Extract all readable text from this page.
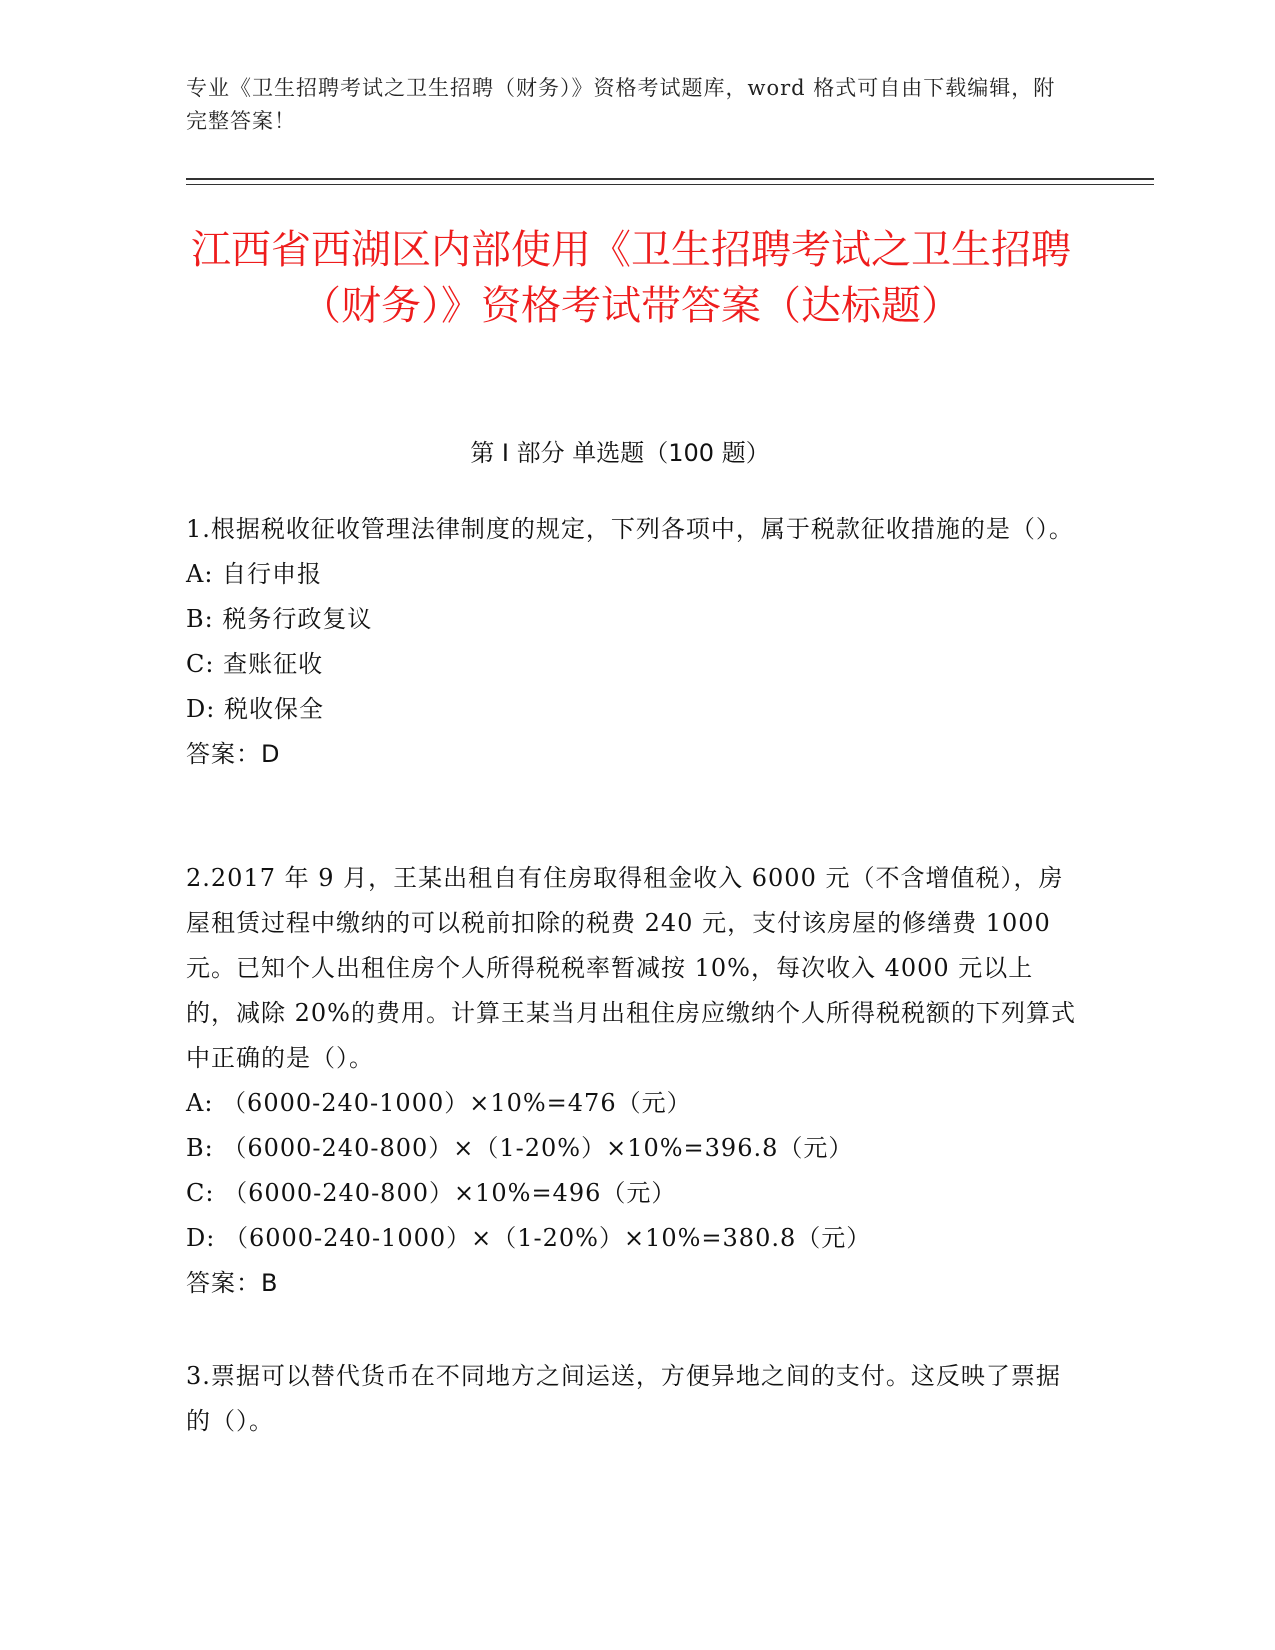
专业《卫生招聘考试之卫生招聘（财务）》资格考试题库，word 格式可自由下载编辑，附完整答案！
江西省西湖区内部使用《卫生招聘考试之卫生招聘（财务）》资格考试带答案（达标题）
第 I 部分 单选题（100 题）

1.根据税收征收管理法律制度的规定，下列各项中，属于税款征收措施的是（）。

A: 自行申报

B: 税务行政复议

C: 查账征收

D: 税收保全

答案：D

2.2017 年 9 月，王某出租自有住房取得租金收入 6000 元（不含增值税），房屋租赁过程中缴纳的可以税前扣除的税费 240 元，支付该房屋的修缮费 1000 元。已知个人出租住房个人所得税税率暂减按 10%，每次收入 4000 元以上的，减除 20%的费用。计算王某当月出租住房应缴纳个人所得税税额的下列算式中正确的是（）。

A: （6000-240-1000）×10%=476（元）

B: （6000-240-800）×（1-20%）×10%=396.8（元）

C: （6000-240-800）×10%=496（元）

D: （6000-240-1000）×（1-20%）×10%=380.8（元）

答案：B

3.票据可以替代货币在不同地方之间运送，方便异地之间的支付。这反映了票据的（）。
